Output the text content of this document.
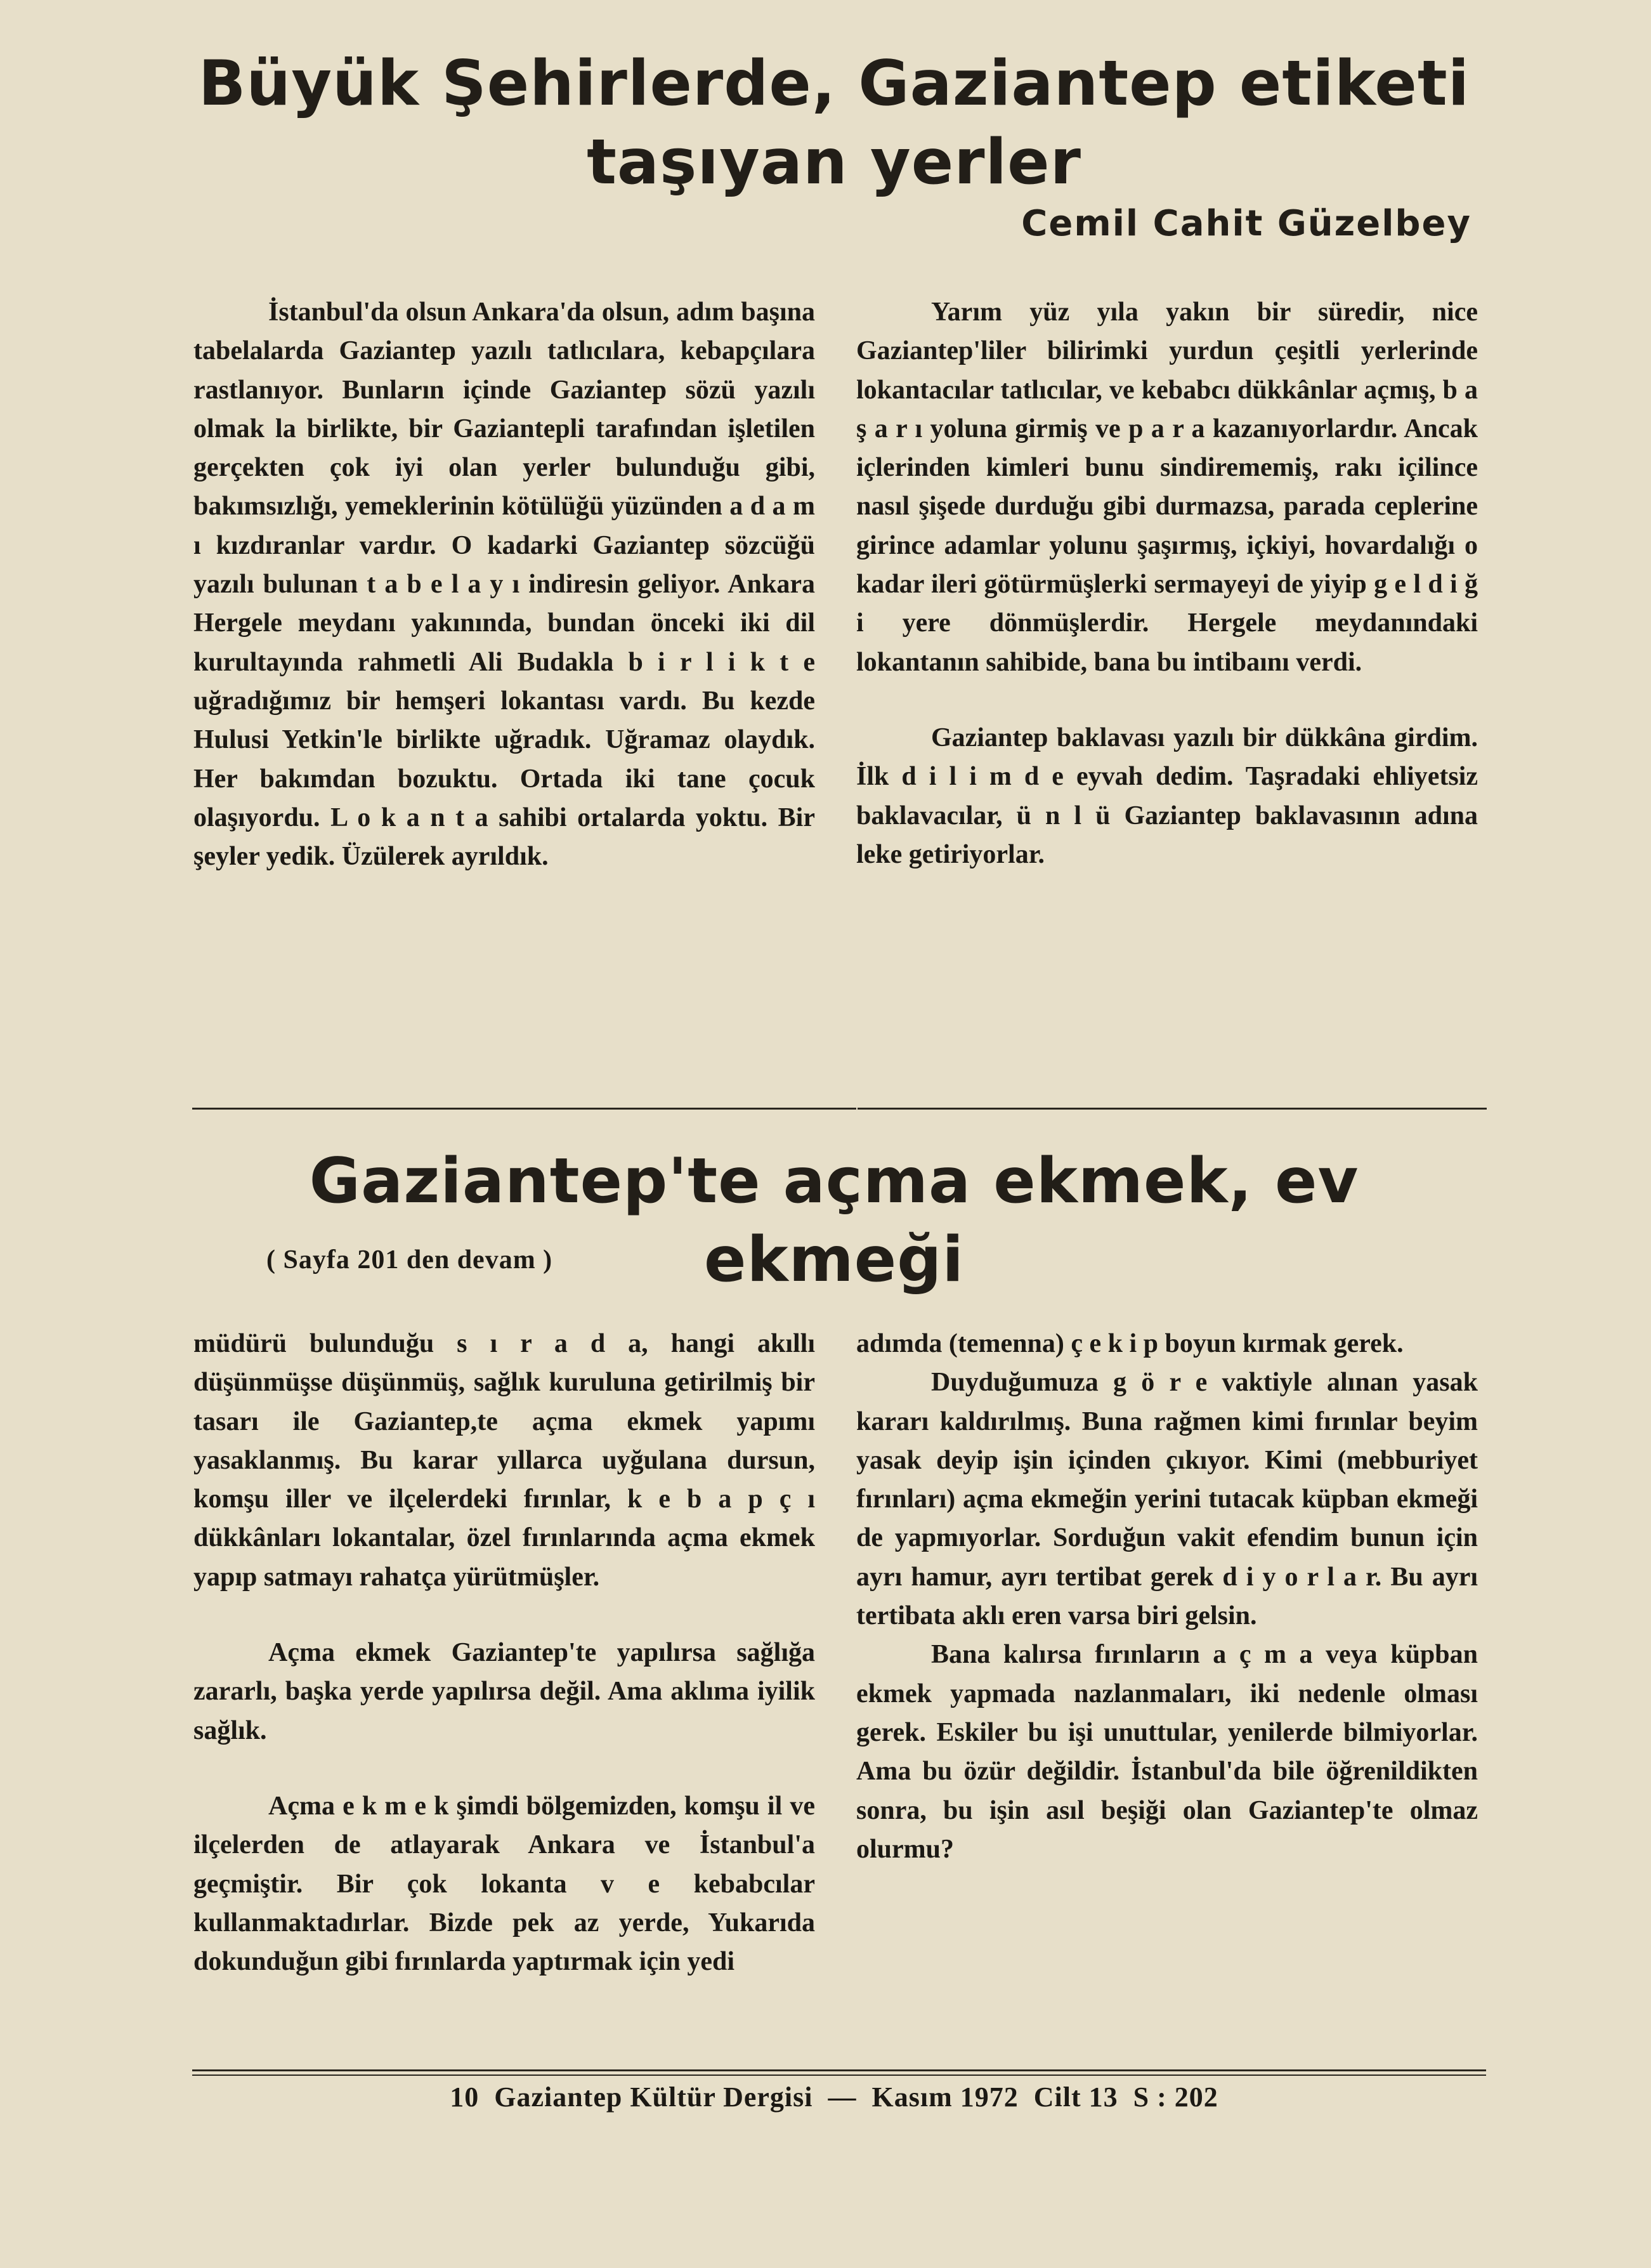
Büyük Şehirlerde, Gaziantep etiketi
taşıyan yerler
Cemil Cahit Güzelbey

İstanbul'da olsun Ankara'da olsun, adım başına tabelalarda Gaziantep yazılı tatlıcılara, kebapçılara rastlanıyor. Bunların içinde Gaziantep sözü yazılı olmak la birlikte, bir Gaziantepli tarafından işletilen gerçekten çok iyi olan yerler bulunduğu gibi, bakımsızlığı, yemeklerinin kötülüğü yüzünden a d a m ı kızdıranlar vardır. O kadarki Gaziantep sözcüğü yazılı bulunan t a b e l a y ı indiresin geliyor. Ankara Hergele meydanı yakınında, bundan önceki iki dil kurultayında rahmetli Ali Budakla b i r l i k t e uğradığımız bir hemşeri lokantası vardı. Bu kezde Hulusi Yetkin'le birlikte uğradık. Uğramaz olaydık. Her bakımdan bozuktu. Ortada iki tane çocuk olaşıyordu. L o k a n t a sahibi ortalarda yoktu. Bir şeyler yedik. Üzülerek ayrıldık.

Yarım yüz yıla yakın bir süredir, nice Gaziantep'liler bilirimki yurdun çeşitli yerlerinde lokantacılar tatlıcılar, ve kebabcı dükkânlar açmış, b a ş a r ı yoluna girmiş ve p a r a kazanıyorlardır. Ancak içlerinden kimleri bunu sindirememiş, rakı içilince nasıl şişede durduğu gibi durmazsa, parada ceplerine girince adamlar yolunu şaşırmış, içkiyi, hovardalığı o kadar ileri götürmüşlerki sermayeyi de yiyip g e l d i ğ i yere dönmüşlerdir. Hergele meydanındaki lokantanın sahibide, bana bu intibaını verdi.

Gaziantep baklavası yazılı bir dükkâna girdim. İlk d i l i m d e eyvah dedim. Taşradaki ehliyetsiz baklavacılar, ü n l ü Gaziantep baklavasının adına leke getiriyorlar.

Gaziantep'te açma ekmek, ev ekmeği
( Sayfa 201 den devam )

müdürü bulunduğu s ı r a d a, hangi akıllı düşünmüşse düşünmüş, sağlık kuruluna getirilmiş bir tasarı ile Gaziantep,te açma ekmek yapımı yasaklanmış. Bu karar yıllarca uyğulana dursun, komşu iller ve ilçelerdeki fırınlar, k e b a p ç ı dükkânları lokantalar, özel fırınlarında açma ekmek yapıp satmayı rahatça yürütmüşler.

Açma ekmek Gaziantep'te yapılırsa sağlığa zararlı, başka yerde yapılırsa değil. Ama aklıma iyilik sağlık.

Açma e k m e k şimdi bölgemizden, komşu il ve ilçelerden de atlayarak Ankara ve İstanbul'a geçmiştir. Bir çok lokanta v e kebabcılar kullanmaktadırlar. Bizde pek az yerde, Yukarıda dokunduğun gibi fırınlarda yaptırmak için yedi

adımda (temenna) ç e k i p boyun kırmak gerek.

Duyduğumuza g ö r e vaktiyle alınan yasak kararı kaldırılmış. Buna rağmen kimi fırınlar beyim yasak deyip işin içinden çıkıyor. Kimi (mebburiyet fırınları) açma ekmeğin yerini tutacak küpban ekmeği de yapmıyorlar. Sorduğun vakit efendim bunun için ayrı hamur, ayrı tertibat gerek d i y o r l a r. Bu ayrı tertibata aklı eren varsa biri gelsin.

Bana kalırsa fırınların a ç m a veya küpban ekmek yapmada nazlanmaları, iki nedenle olması gerek. Eskiler bu işi unuttular, yenilerde bilmiyorlar. Ama bu özür değildir. İstanbul'da bile öğrenildikten sonra, bu işin asıl beşiği olan Gaziantep'te olmaz olurmu?

10 Gaziantep Kültür Dergisi — Kasım 1972 Cilt 13 S : 202
